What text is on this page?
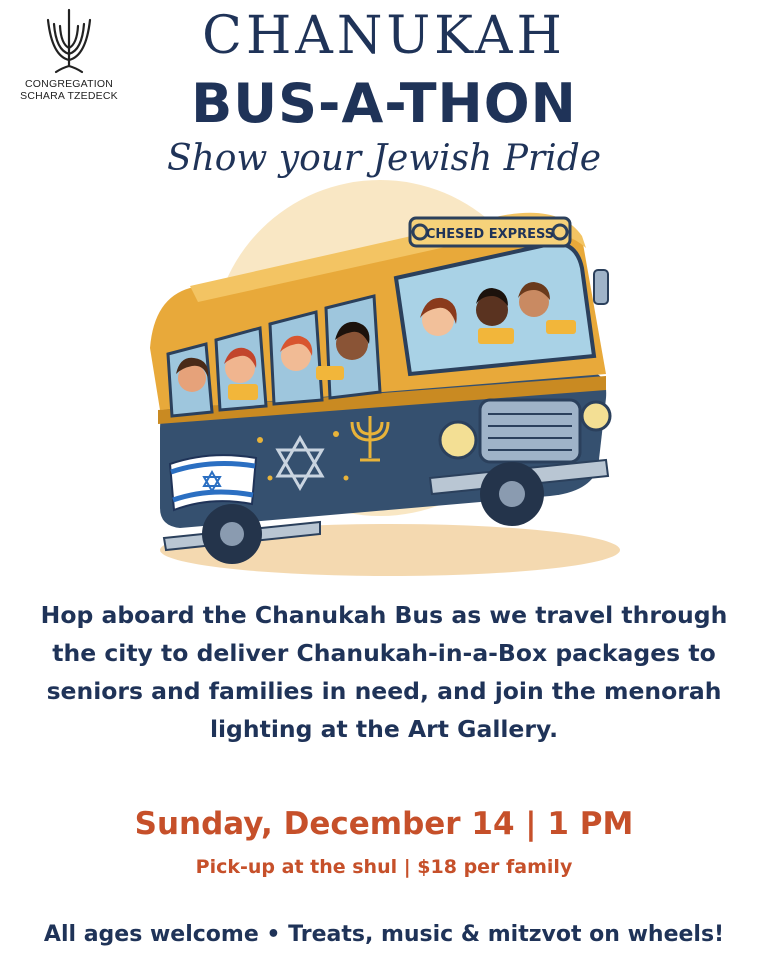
CONGREGATION
SCHARA TZEDECK
CHANUKAH
BUS-A-THON
Show your Jewish Pride
CHESED EXPRESS
Hop aboard the Chanukah Bus as we travel through
the city to deliver Chanukah-in-a-Box packages to
seniors and families in need, and join the menorah
lighting at the Art Gallery.
Sunday, December 14 | 1 PM
Pick-up at the shul | $18 per family
All ages welcome • Treats, music & mitzvot on wheels!
